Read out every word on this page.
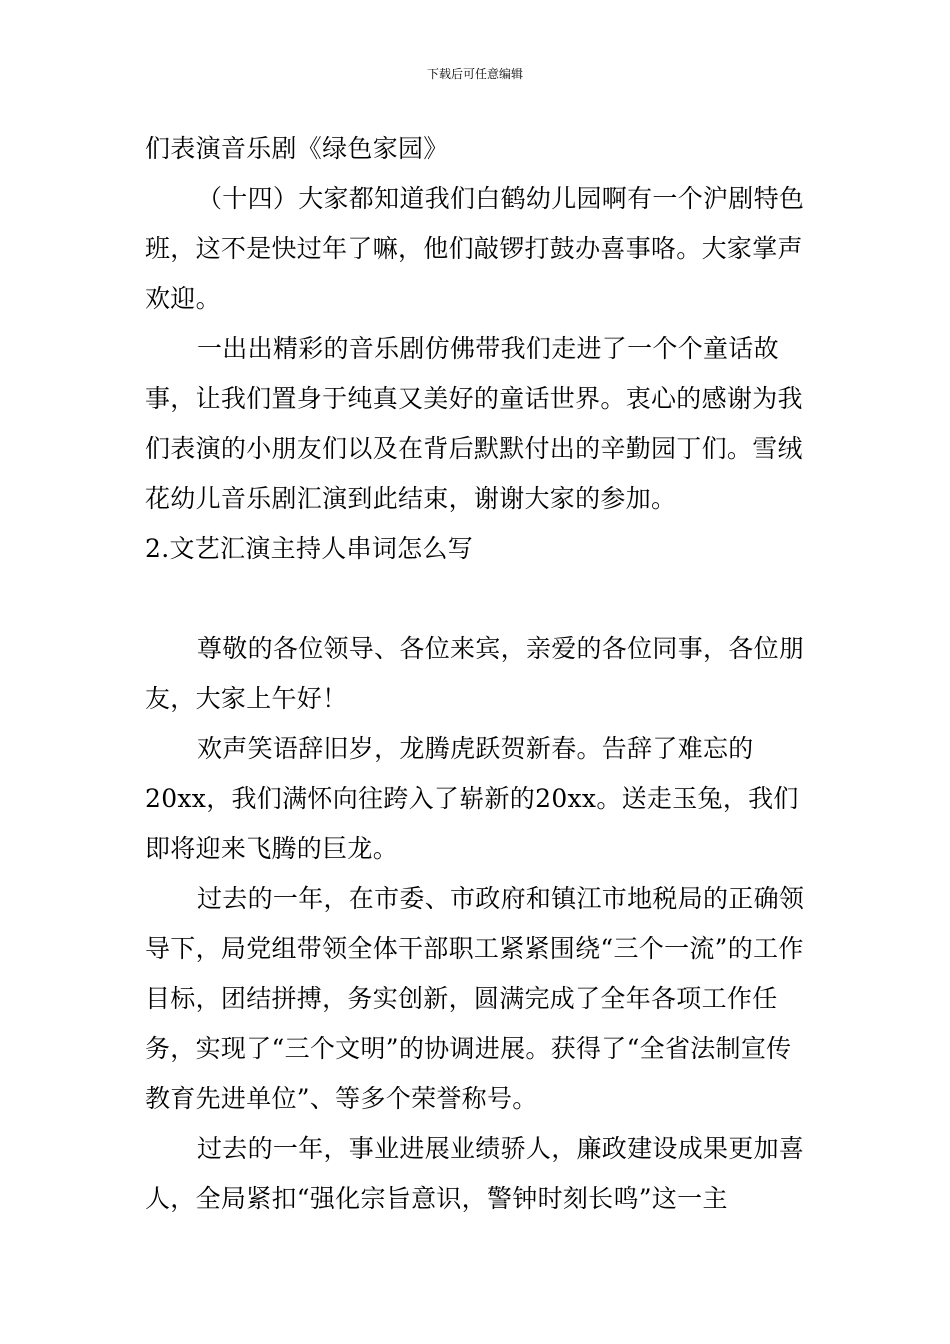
下载后可任意编辑

们表演音乐剧《绿色家园》

（十四）大家都知道我们白鹤幼儿园啊有一个沪剧特色班，这不是快过年了嘛，他们敲锣打鼓办喜事咯。大家掌声欢迎。

一出出精彩的音乐剧仿佛带我们走进了一个个童话故事，让我们置身于纯真又美好的童话世界。衷心的感谢为我们表演的小朋友们以及在背后默默付出的辛勤园丁们。雪绒花幼儿音乐剧汇演到此结束，谢谢大家的参加。

2.文艺汇演主持人串词怎么写

尊敬的各位领导、各位来宾，亲爱的各位同事，各位朋友，大家上午好！

欢声笑语辞旧岁，龙腾虎跃贺新春。告辞了难忘的20xx，我们满怀向往跨入了崭新的20xx。送走玉兔，我们即将迎来飞腾的巨龙。

过去的一年，在市委、市政府和镇江市地税局的正确领导下，局党组带领全体干部职工紧紧围绕“三个一流”的工作目标，团结拼搏，务实创新，圆满完成了全年各项工作任务，实现了“三个文明”的协调进展。获得了“全省法制宣传教育先进单位”、等多个荣誉称号。

过去的一年，事业进展业绩骄人，廉政建设成果更加喜人，全局紧扣“强化宗旨意识，警钟时刻长鸣”这一主
